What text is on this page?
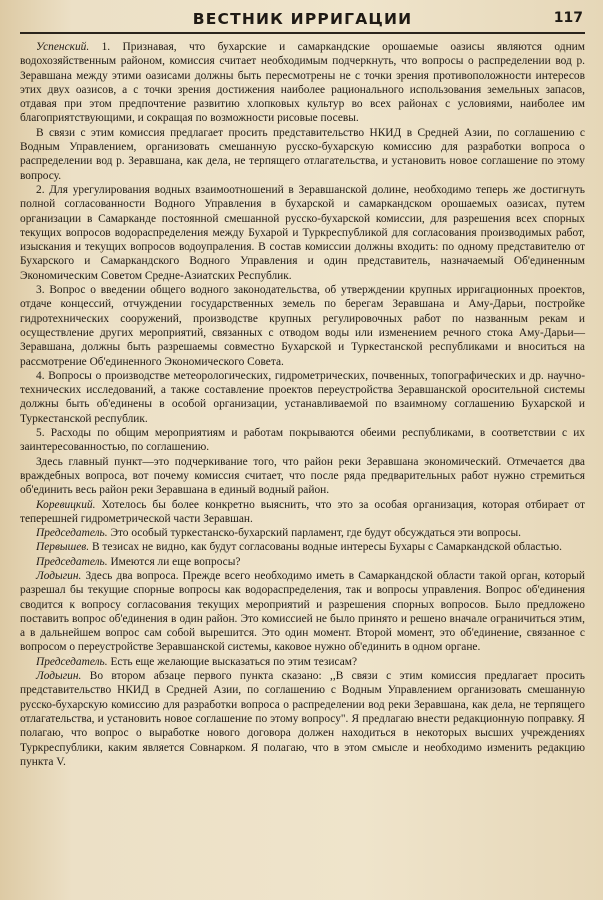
ВЕСТНИК ИРРИГАЦИИ	117

Успенский. 1. Признавая, что бухарские и самаркандские орошаемые оазисы являются одним водохозяйственным районом, комиссия считает необходимым подчеркнуть, что вопросы о распределении вод р. Зеравшана между этими оазисами должны быть пересмотрены не с точки зрения противоположности интересов этих двух оазисов, а с точки зрения достижения наиболее рационального использования земельных запасов, отдавая при этом предпочтение развитию хлопковых культур во всех районах с условиями, наиболее им благоприятствующими, и сокращая по возможности рисовые посевы.

В связи с этим комиссия предлагает просить представительство НКИД в Средней Азии, по соглашению с Водным Управлением, организовать смешанную русско-бухарскую комиссию для разработки вопроса о распределении вод р. Зеравшана, как дела, не терпящего отлагательства, и установить новое соглашение по этому вопросу.

2. Для урегулирования водных взаимоотношений в Зеравшанской долине, необходимо теперь же достигнуть полной согласованности Водного Управления в бухарской и самаркандском орошаемых оазисах, путем организации в Самарканде постоянной смешанной русско-бухарской комиссии, для разрешения всех спорных текущих вопросов водораспределения между Бухарой и Туркреспубликой для согласования производимых работ, изыскания и текущих вопросов водоупраления. В состав комиссии должны входить: по одному представителю от Бухарского и Самаркандского Водного Управления и один представитель, назначаемый Об'единенным Экономическим Советом Средне-Азиатских Республик.

3. Вопрос о введении общего водного законодательства, об утверждении крупных ирригационных проектов, отдаче концессий, отчуждении государственных земель по берегам Зеравшана и Аму-Дарьи, постройке гидротехнических сооружений, производстве крупных регулировочных работ по названным рекам и осуществление других мероприятий, связанных с отводом воды или изменением речного стока Аму-Дарьи—Зеравшана, должны быть разрешаемы совместно Бухарской и Туркестанской республиками и вноситься на рассмотрение Об'единенного Экономического Совета.

4. Вопросы о производстве метеорологических, гидрометрических, почвенных, топографических и др. научно-технических исследований, а также составление проектов переустройства Зеравшанской оросительной системы должны быть об'единены в особой организации, устанавливаемой по взаимному соглашению Бухарской и Туркестанской республик.

5. Расходы по общим мероприятиям и работам покрываются обеими республиками, в соответствии с их заинтересованностью, по соглашению.

Здесь главный пункт—это подчеркивание того, что район реки Зеравшана экономический. Отмечается два враждебных вопроса, вот почему комиссия считает, что после ряда предварительных работ нужно стремиться об'единить весь район реки Зеравшана в единый водный район.

Коревицкий. Хотелось бы более конкретно выяснить, что это за особая организация, которая отбирает от теперешней гидрометрической части Зеравшан.

Председатель. Это особый туркестанско-бухарский парламент, где будут обсуждаться эти вопросы.

Первышев. В тезисах не видно, как будут согласованы водные интересы Бухары с Самаркандской областью.

Председатель. Имеются ли еще вопросы?

Лодыгин. Здесь два вопроса. Прежде всего необходимо иметь в Самаркандской области такой орган, который разрешал бы текущие спорные вопросы как водораспределения, так и вопросы управления. Вопрос об'единения сводится к вопросу согласования текущих мероприятий и разрешения спорных вопросов. Было предложено поставить вопрос об'единения в один район. Это комиссией не было принято и решено вначале ограничиться этим, а в дальнейшем вопрос сам собой вырешится. Это один момент. Второй момент, это об'единение, связанное с вопросом о переустройстве Зеравшанской системы, каковое нужно об'единить в одном органе.

Председатель. Есть еще желающие высказаться по этим тезисам?

Лодыгин. Во втором абзаце первого пункта сказано: ,,В связи с этим комиссия предлагает просить представительство НКИД в Средней Азии, по соглашению с Водным Управлением организовать смешанную русско-бухарскую комиссию для разработки вопроса о распределении вод реки Зеравшана, как дела, не терпящего отлагательства, и установить новое соглашение по этому вопросу". Я предлагаю внести редакционную поправку. Я полагаю, что вопрос о выработке нового договора должен находиться в некоторых высших учреждениях Туркреспублики, каким является Совнарком. Я полагаю, что в этом смысле и необходимо изменить редакцию пункта V.
